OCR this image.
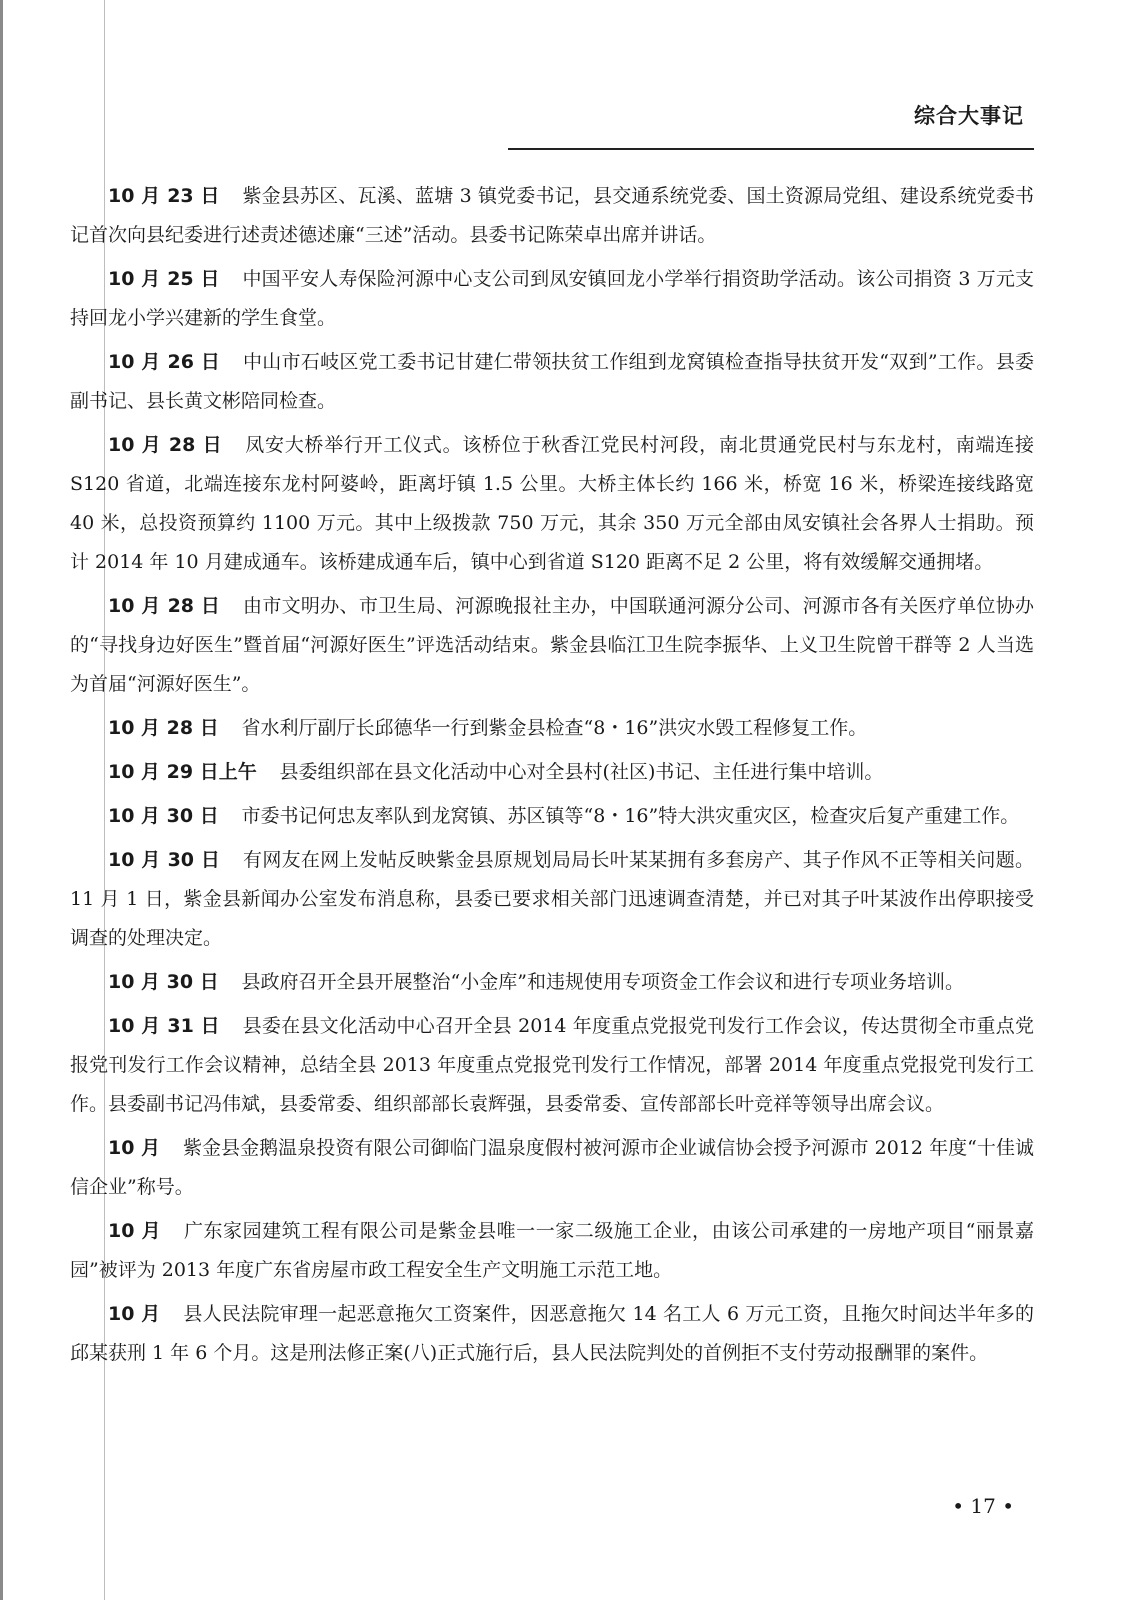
综合大事记

10 月 23 日 紫金县苏区、瓦溪、蓝塘 3 镇党委书记，县交通系统党委、国土资源局党组、建设系统党委书记首次向县纪委进行述责述德述廉“三述”活动。县委书记陈荣卓出席并讲话。

10 月 25 日 中国平安人寿保险河源中心支公司到凤安镇回龙小学举行捐资助学活动。该公司捐资 3 万元支持回龙小学兴建新的学生食堂。

10 月 26 日 中山市石岐区党工委书记甘建仁带领扶贫工作组到龙窝镇检查指导扶贫开发“双到”工作。县委副书记、县长黄文彬陪同检查。

10 月 28 日 凤安大桥举行开工仪式。该桥位于秋香江党民村河段，南北贯通党民村与东龙村，南端连接 S120 省道，北端连接东龙村阿婆岭，距离圩镇 1.5 公里。大桥主体长约 166 米，桥宽 16 米，桥梁连接线路宽 40 米，总投资预算约 1100 万元。其中上级拨款 750 万元，其余 350 万元全部由凤安镇社会各界人士捐助。预计 2014 年 10 月建成通车。该桥建成通车后，镇中心到省道 S120 距离不足 2 公里，将有效缓解交通拥堵。

10 月 28 日 由市文明办、市卫生局、河源晚报社主办，中国联通河源分公司、河源市各有关医疗单位协办的“寻找身边好医生”暨首届“河源好医生”评选活动结束。紫金县临江卫生院李振华、上义卫生院曾干群等 2 人当选为首届“河源好医生”。

10 月 28 日 省水利厅副厅长邱德华一行到紫金县检查“8・16”洪灾水毁工程修复工作。

10 月 29 日上午 县委组织部在县文化活动中心对全县村(社区)书记、主任进行集中培训。

10 月 30 日 市委书记何忠友率队到龙窝镇、苏区镇等“8・16”特大洪灾重灾区，检查灾后复产重建工作。

10 月 30 日 有网友在网上发帖反映紫金县原规划局局长叶某某拥有多套房产、其子作风不正等相关问题。11 月 1 日，紫金县新闻办公室发布消息称，县委已要求相关部门迅速调查清楚，并已对其子叶某波作出停职接受调查的处理决定。

10 月 30 日 县政府召开全县开展整治“小金库”和违规使用专项资金工作会议和进行专项业务培训。

10 月 31 日 县委在县文化活动中心召开全县 2014 年度重点党报党刊发行工作会议，传达贯彻全市重点党报党刊发行工作会议精神，总结全县 2013 年度重点党报党刊发行工作情况，部署 2014 年度重点党报党刊发行工作。县委副书记冯伟斌，县委常委、组织部部长袁辉强，县委常委、宣传部部长叶竞祥等领导出席会议。

10 月 紫金县金鹅温泉投资有限公司御临门温泉度假村被河源市企业诚信协会授予河源市 2012 年度“十佳诚信企业”称号。

10 月 广东家园建筑工程有限公司是紫金县唯一一家二级施工企业，由该公司承建的一房地产项目“丽景嘉园”被评为 2013 年度广东省房屋市政工程安全生产文明施工示范工地。

10 月 县人民法院审理一起恶意拖欠工资案件，因恶意拖欠 14 名工人 6 万元工资，且拖欠时间达半年多的邱某获刑 1 年 6 个月。这是刑法修正案(八)正式施行后，县人民法院判处的首例拒不支付劳动报酬罪的案件。

• 17 •
